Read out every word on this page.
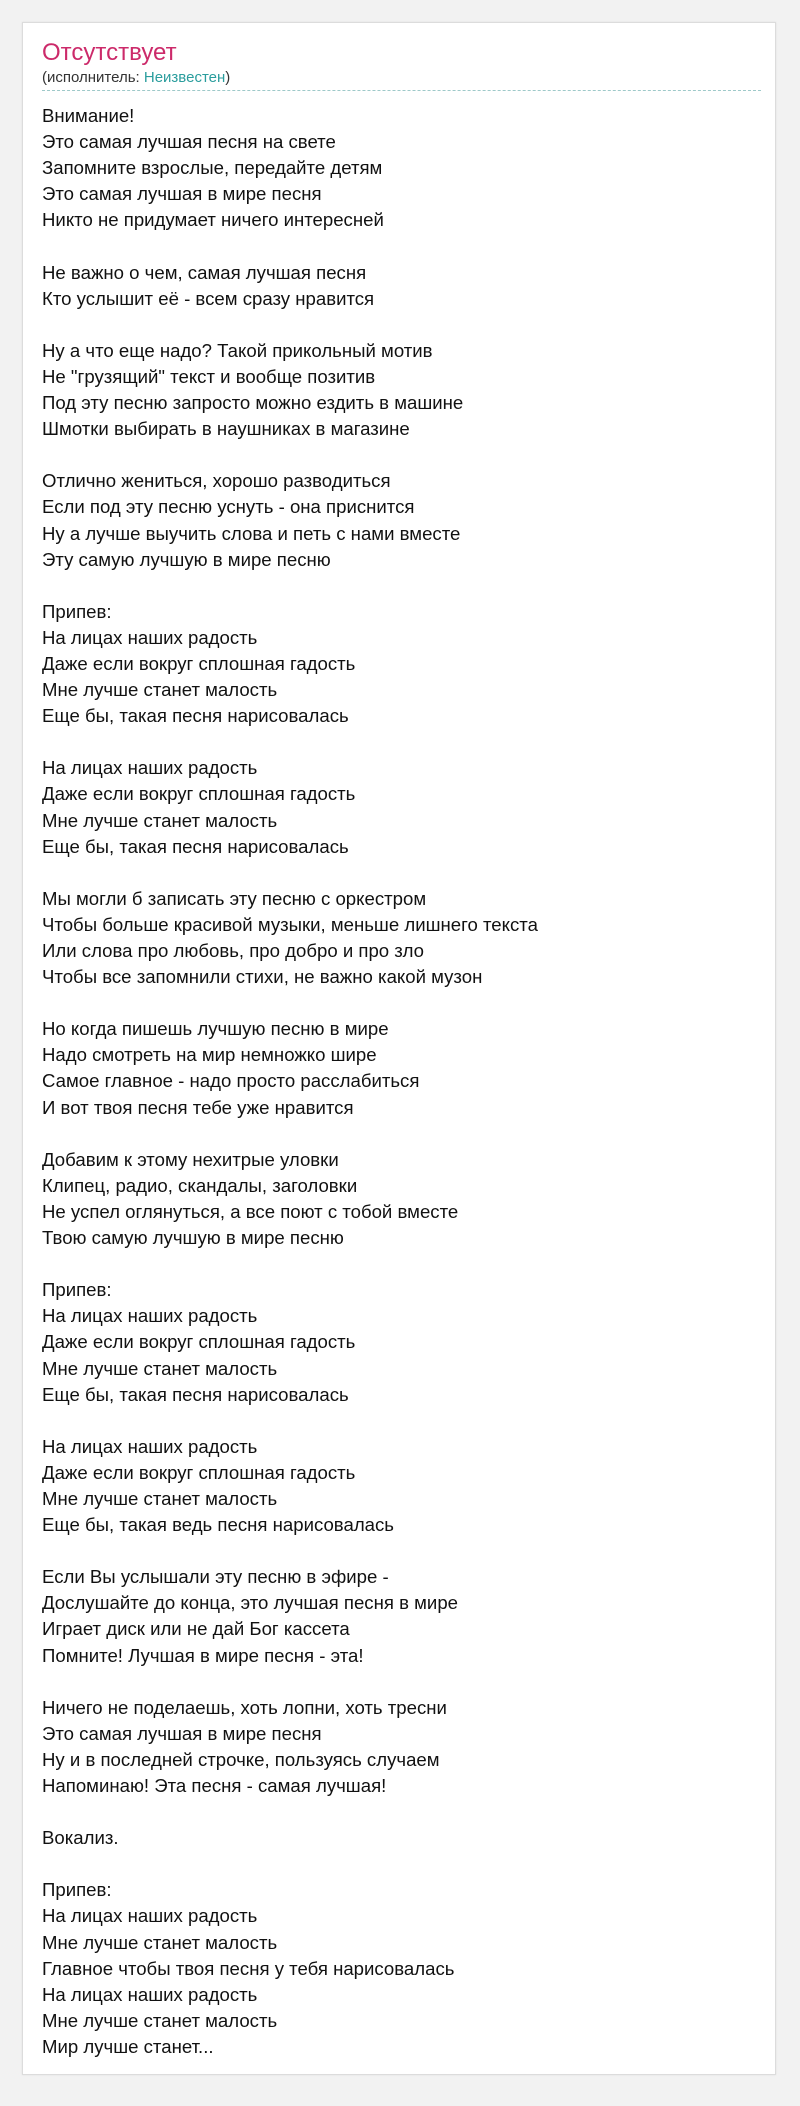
Отсутствует
(исполнитель: Неизвестен)
Внимание!
Это самая лучшая песня на свете
Запомните взрослые, передайте детям
Это самая лучшая в мире песня
Никто не придумает ничего интересней
Не важно о чем, самая лучшая песня
Кто услышит её - всем сразу нравится
Ну а что еще надо? Такой прикольный мотив
Не "грузящий" текст и вообще позитив
Под эту песню запросто можно ездить в машине
Шмотки выбирать в наушниках в магазине
Отлично жениться, хорошо разводиться
Если под эту песню уснуть - она приснится
Ну а лучше выучить слова и петь с нами вместе
Эту самую лучшую в мире песню
Припев:
На лицах наших радость
Даже если вокруг сплошная гадость
Мне лучше станет малость
Еще бы, такая песня нарисовалась
На лицах наших радость
Даже если вокруг сплошная гадость
Мне лучше станет малость
Еще бы, такая песня нарисовалась
Мы могли б записать эту песню с оркестром
Чтобы больше красивой музыки, меньше лишнего текста
Или слова про любовь, про добро и про зло
Чтобы все запомнили стихи, не важно какой музон
Но когда пишешь лучшую песню в мире
Надо смотреть на мир немножко шире
Самое главное - надо просто расслабиться
И вот твоя песня тебе уже нравится
Добавим к этому нехитрые уловки
Клипец, радио, скандалы, заголовки
Не успел оглянуться, а все поют с тобой вместе
Твою самую лучшую в мире песню
Припев:
На лицах наших радость
Даже если вокруг сплошная гадость
Мне лучше станет малость
Еще бы, такая песня нарисовалась
На лицах наших радость
Даже если вокруг сплошная гадость
Мне лучше станет малость
Еще бы, такая ведь песня нарисовалась
Если Вы услышали эту песню в эфире -
Дослушайте до конца, это лучшая песня в мире
Играет диск или не дай Бог кассета
Помните! Лучшая в мире песня - эта!
Ничего не поделаешь, хоть лопни, хоть тресни
Это самая лучшая в мире песня
Ну и в последней строчке, пользуясь случаем
Напоминаю! Эта песня - самая лучшая!
Вокализ.
Припев:
На лицах наших радость
Мне лучше станет малость
Главное чтобы твоя песня у тебя нарисовалась
На лицах наших радость
Мне лучше станет малость
Мир лучше станет...
